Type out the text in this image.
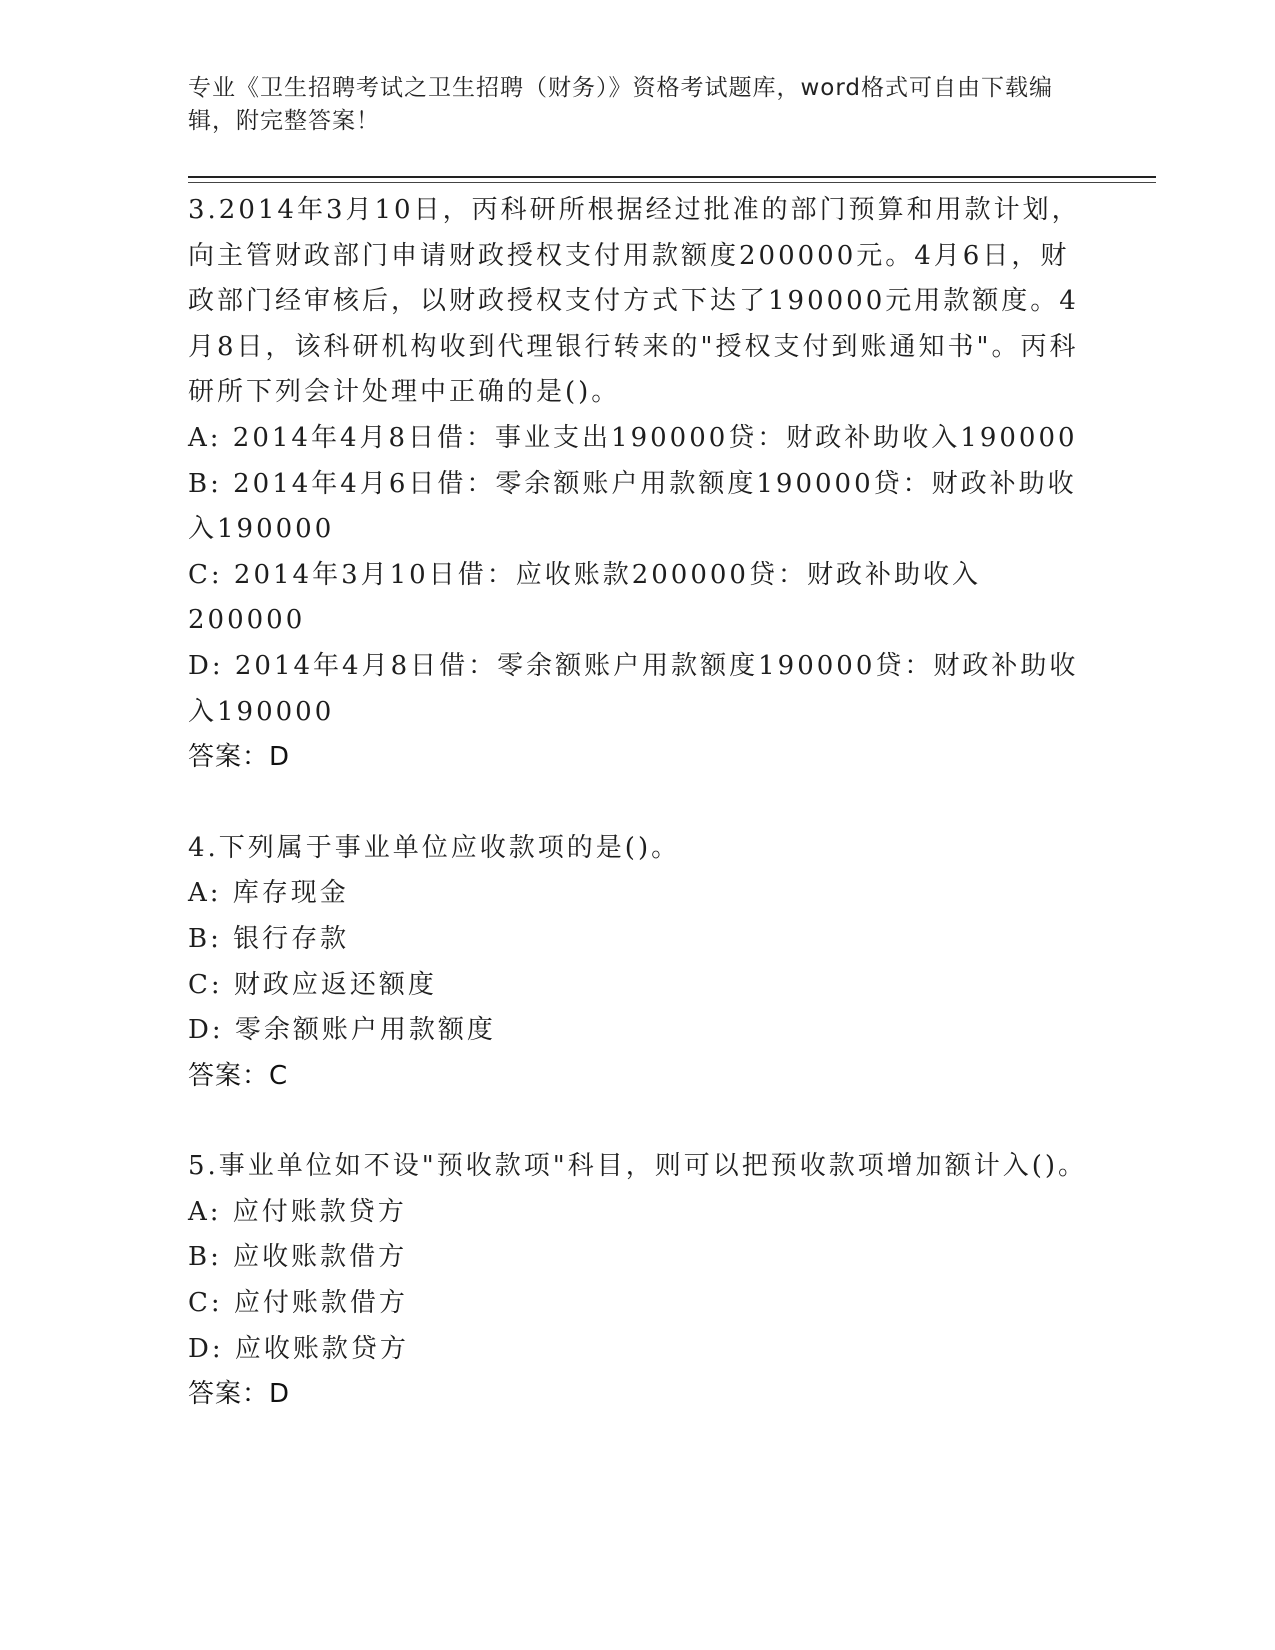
专业《卫生招聘考试之卫生招聘（财务）》资格考试题库，word格式可自由下载编辑，附完整答案！

3.2014年3月10日，丙科研所根据经过批准的部门预算和用款计划，向主管财政部门申请财政授权支付用款额度200000元。4月6日，财政部门经审核后，以财政授权支付方式下达了190000元用款额度。4月8日，该科研机构收到代理银行转来的"授权支付到账通知书"。丙科研所下列会计处理中正确的是()。

A: 2014年4月8日借：事业支出190000贷：财政补助收入190000

B: 2014年4月6日借：零余额账户用款额度190000贷：财政补助收入190000

C: 2014年3月10日借：应收账款200000贷：财政补助收入200000

D: 2014年4月8日借：零余额账户用款额度190000贷：财政补助收入190000

答案：D

4.下列属于事业单位应收款项的是()。

A: 库存现金

B: 银行存款

C: 财政应返还额度

D: 零余额账户用款额度

答案：C

5.事业单位如不设"预收款项"科目，则可以把预收款项增加额计入()。

A: 应付账款贷方

B: 应收账款借方

C: 应付账款借方

D: 应收账款贷方

答案：D
